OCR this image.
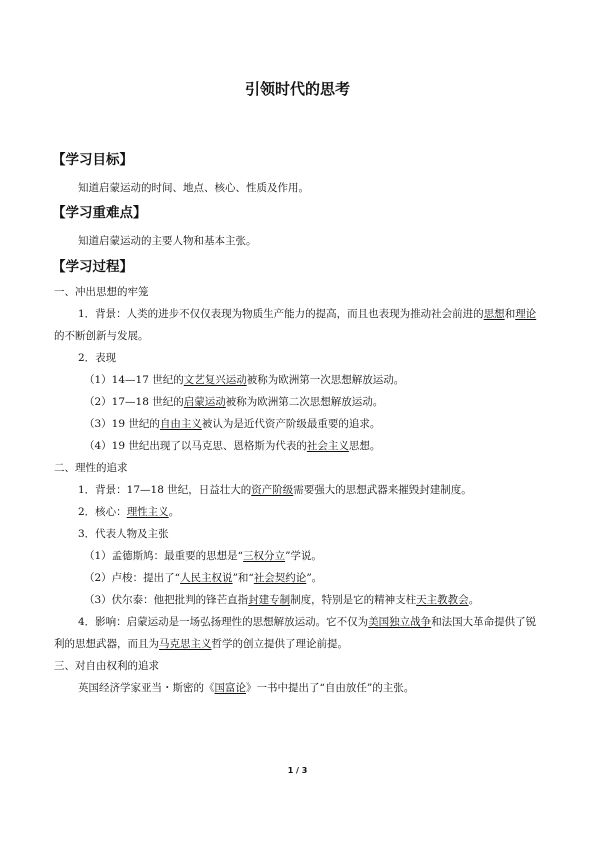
引领时代的思考
【学习目标】
知道启蒙运动的时间、地点、核心、性质及作用。
【学习重难点】
知道启蒙运动的主要人物和基本主张。
【学习过程】
一、冲出思想的牢笼
1．背景：人类的进步不仅仅表现为物质生产能力的提高，而且也表现为推动社会前进的思想和理论的不断创新与发展。
2．表现
（1）14—17 世纪的文艺复兴运动被称为欧洲第一次思想解放运动。
（2）17—18 世纪的启蒙运动被称为欧洲第二次思想解放运动。
（3）19 世纪的自由主义被认为是近代资产阶级最重要的追求。
（4）19 世纪出现了以马克思、恩格斯为代表的社会主义思想。
二、理性的追求
1．背景：17—18 世纪，日益壮大的资产阶级需要强大的思想武器来摧毁封建制度。
2．核心：理性主义。
3．代表人物及主张
（1）孟德斯鸠：最重要的思想是“三权分立”学说。
（2）卢梭：提出了“人民主权说”和“社会契约论”。
（3）伏尔泰：他把批判的锋芒直指封建专制制度，特别是它的精神支柱天主教教会。
4．影响：启蒙运动是一场弘扬理性的思想解放运动。它不仅为美国独立战争和法国大革命提供了锐利的思想武器，而且为马克思主义哲学的创立提供了理论前提。
三、对自由权利的追求
英国经济学家亚当・斯密的《国富论》一书中提出了“自由放任”的主张。
1 / 3
